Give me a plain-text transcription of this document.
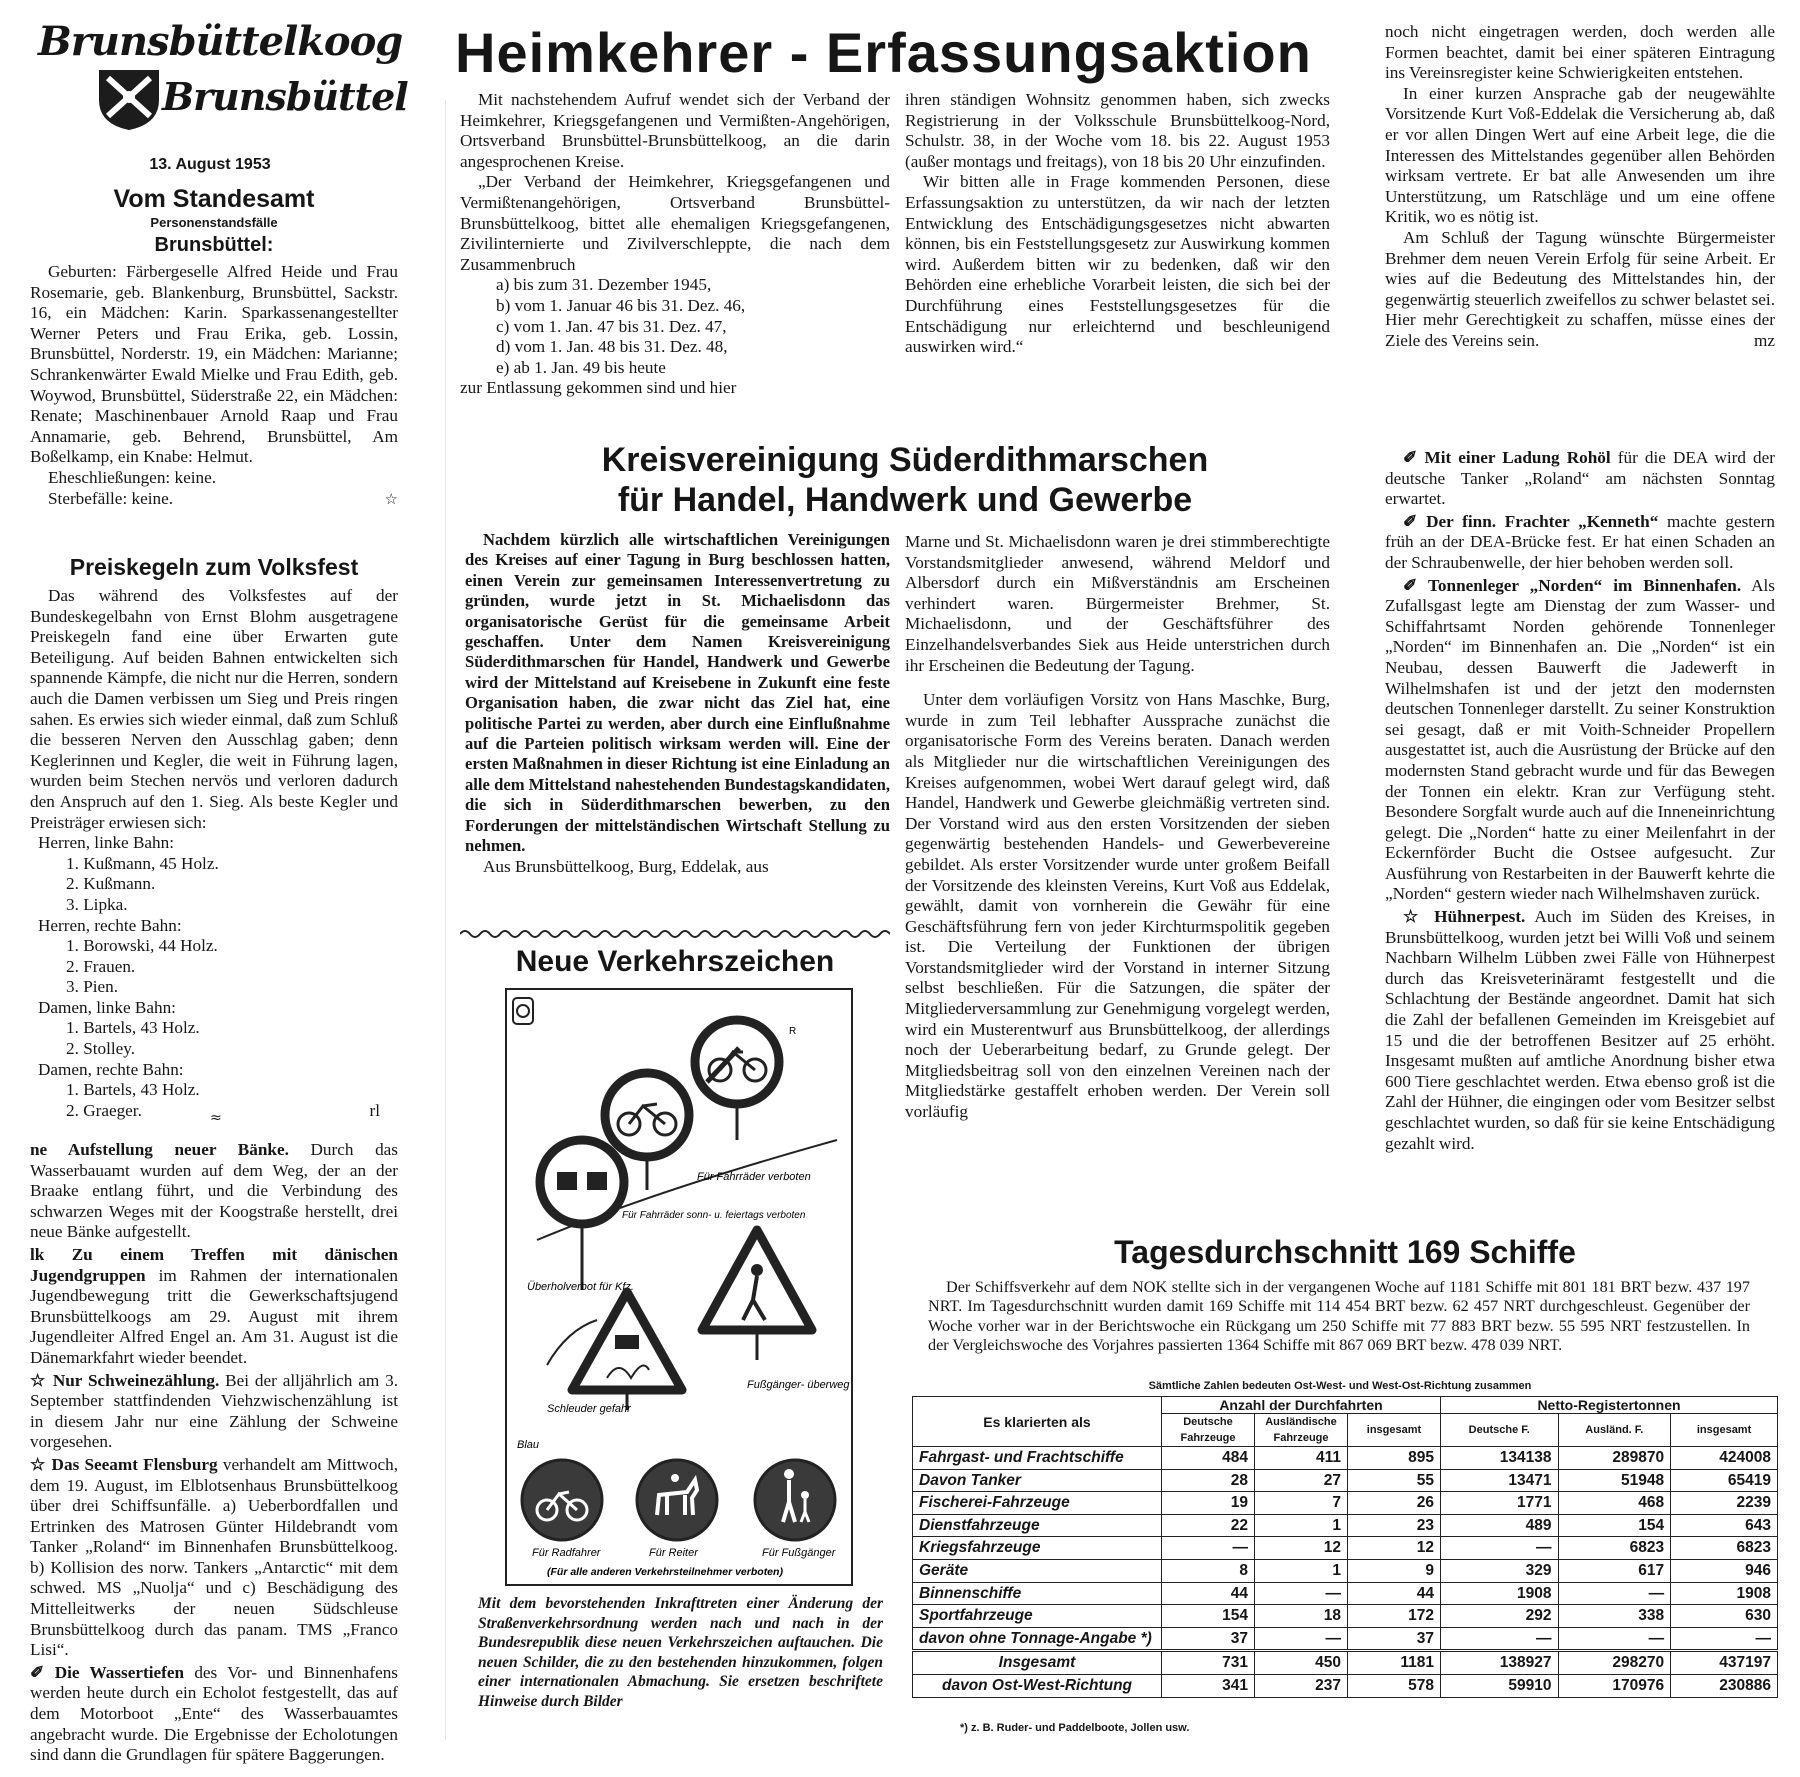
Brunsbüttelkoog
Brunsbüttel
13. August 1953
Vom Standesamt
Personenstandsfälle
Brunsbüttel:

Geburten: Färbergeselle Alfred Heide und Frau Rosemarie, geb. Blankenburg, Brunsbüttel, Sackstr. 16, ein Mädchen: Karin. Sparkassenangestellter Werner Peters und Frau Erika, geb. Lossin, Brunsbüttel, Norderstr. 19, ein Mädchen: Marianne; Schrankenwärter Ewald Mielke und Frau Edith, geb. Woywod, Brunsbüttel, Süderstraße 22, ein Mädchen: Renate; Maschinenbauer Arnold Raap und Frau Annamarie, geb. Behrend, Brunsbüttel, Am Boßelkamp, ein Knabe: Helmut.

Eheschließungen: keine.

Sterbefälle: keine.	☆

Preiskegeln zum Volksfest

Das während des Volksfestes auf der Bundeskegelbahn von Ernst Blohm ausgetragene Preiskegeln fand eine über Erwarten gute Beteiligung. Auf beiden Bahnen entwickelten sich spannende Kämpfe, die nicht nur die Herren, sondern auch die Damen verbissen um Sieg und Preis ringen sahen. Es erwies sich wieder einmal, daß zum Schluß die besseren Nerven den Ausschlag gaben; denn Keglerinnen und Kegler, die weit in Führung lagen, wurden beim Stechen nervös und verloren dadurch den Anspruch auf den 1. Sieg. Als beste Kegler und Preisträger erwiesen sich:

Herren, linke Bahn:
1. Kußmann, 45 Holz.
2. Kußmann.
3. Lipka.
Herren, rechte Bahn:
1. Borowski, 44 Holz.
2. Frauen.
3. Pien.
Damen, linke Bahn:
1. Bartels, 43 Holz.
2. Stolley.
Damen, rechte Bahn:
1. Bartels, 43 Holz.
2. Graeger.	rl
≈

ne Aufstellung neuer Bänke. Durch das Wasserbauamt wurden auf dem Weg, der an der Braake entlang führt, und die Verbindung des schwarzen Weges mit der Koogstraße herstellt, drei neue Bänke aufgestellt.

lk Zu einem Treffen mit dänischen Jugendgruppen im Rahmen der internationalen Jugendbewegung tritt die Gewerkschaftsjugend Brunsbüttelkoogs am 29. August mit ihrem Jugendleiter Alfred Engel an. Am 31. August ist die Dänemarkfahrt wieder beendet.

☆ Nur Schweinezählung. Bei der alljährlich am 3. September stattfindenden Viehzwischenzählung ist in diesem Jahr nur eine Zählung der Schweine vorgesehen.

☆ Das Seeamt Flensburg verhandelt am Mittwoch, dem 19. August, im Elblotsenhaus Brunsbüttelkoog über drei Schiffsunfälle. a) Ueberbordfallen und Ertrinken des Matrosen Günter Hildebrandt vom Tanker „Roland“ im Binnenhafen Brunsbüttelkoog. b) Kollision des norw. Tankers „Antarctic“ mit dem schwed. MS „Nuolja“ und c) Beschädigung des Mittelleitwerks der neuen Südschleuse Brunsbüttelkoog durch das panam. TMS „Franco Lisi“.

✐ Die Wassertiefen des Vor- und Binnenhafens werden heute durch ein Echolot festgestellt, das auf dem Motorboot „Ente“ des Wasserbauamtes angebracht wurde. Die Ergebnisse der Echolotungen sind dann die Grundlagen für spätere Baggerungen.

Heimkehrer - Erfassungsaktion

Mit nachstehendem Aufruf wendet sich der Verband der Heimkehrer, Kriegsgefangenen und Vermißten-Angehörigen, Ortsverband Brunsbüttel-Brunsbüttelkoog, an die darin angesprochenen Kreise.

„Der Verband der Heimkehrer, Kriegsgefangenen und Vermißtenangehörigen, Ortsverband Brunsbüttel-Brunsbüttelkoog, bittet alle ehemaligen Kriegsgefangenen, Zivilinternierte und Zivilverschleppte, die nach dem Zusammenbruch

a) bis zum 31. Dezember 1945,
b) vom 1. Januar 46 bis 31. Dez. 46,
c) vom 1. Jan. 47 bis 31. Dez. 47,
d) vom 1. Jan. 48 bis 31. Dez. 48,
e) ab 1. Jan. 49 bis heute

zur Entlassung gekommen sind und hier

ihren ständigen Wohnsitz genommen haben, sich zwecks Registrierung in der Volksschule Brunsbüttelkoog-Nord, Schulstr. 38, in der Woche vom 18. bis 22. August 1953 (außer montags und freitags), von 18 bis 20 Uhr einzufinden.

Wir bitten alle in Frage kommenden Personen, diese Erfassungsaktion zu unterstützen, da wir nach der letzten Entwicklung des Entschädigungsgesetzes nicht abwarten können, bis ein Feststellungsgesetz zur Auswirkung kommen wird. Außerdem bitten wir zu bedenken, daß wir den Behörden eine erhebliche Vorarbeit leisten, die sich bei der Durchführung eines Feststellungsgesetzes für die Entschädigung nur erleichternd und beschleunigend auswirken wird.“

noch nicht eingetragen werden, doch werden alle Formen beachtet, damit bei einer späteren Eintragung ins Vereinsregister keine Schwierigkeiten entstehen.

In einer kurzen Ansprache gab der neugewählte Vorsitzende Kurt Voß-Eddelak die Versicherung ab, daß er vor allen Dingen Wert auf eine Arbeit lege, die die Interessen des Mittelstandes gegenüber allen Behörden wirksam vertrete. Er bat alle Anwesenden um ihre Unterstützung, um Ratschläge und um eine offene Kritik, wo es nötig ist.

Am Schluß der Tagung wünschte Bürgermeister Brehmer dem neuen Verein Erfolg für seine Arbeit. Er wies auf die Bedeutung des Mittelstandes hin, der gegenwärtig steuerlich zweifellos zu schwer belastet sei. Hier mehr Gerechtigkeit zu schaffen, müsse eines der Ziele des Vereins sein.	mz

Kreisvereinigung Süderdithmarschen
für Handel, Handwerk und Gewerbe

Nachdem kürzlich alle wirtschaftlichen Vereinigungen des Kreises auf einer Tagung in Burg beschlossen hatten, einen Verein zur gemeinsamen Interessenvertretung zu gründen, wurde jetzt in St. Michaelisdonn das organisatorische Gerüst für die gemeinsame Arbeit geschaffen. Unter dem Namen Kreisvereinigung Süderdithmarschen für Handel, Handwerk und Gewerbe wird der Mittelstand auf Kreisebene in Zukunft eine feste Organisation haben, die zwar nicht das Ziel hat, eine politische Partei zu werden, aber durch eine Einflußnahme auf die Parteien politisch wirksam werden will. Eine der ersten Maßnahmen in dieser Richtung ist eine Einladung an alle dem Mittelstand nahestehenden Bundestagskandidaten, die sich in Süderdithmarschen bewerben, zu den Forderungen der mittelständischen Wirtschaft Stellung zu nehmen.

Aus Brunsbüttelkoog, Burg, Eddelak, aus

Marne und St. Michaelisdonn waren je drei stimmberechtigte Vorstandsmitglieder anwesend, während Meldorf und Albersdorf durch ein Mißverständnis am Erscheinen verhindert waren. Bürgermeister Brehmer, St. Michaelisdonn, und der Geschäftsführer des Einzelhandelsverbandes Siek aus Heide unterstrichen durch ihr Erscheinen die Bedeutung der Tagung.

Unter dem vorläufigen Vorsitz von Hans Maschke, Burg, wurde in zum Teil lebhafter Aussprache zunächst die organisatorische Form des Vereins beraten. Danach werden als Mitglieder nur die wirtschaftlichen Vereinigungen des Kreises aufgenommen, wobei Wert darauf gelegt wird, daß Handel, Handwerk und Gewerbe gleichmäßig vertreten sind. Der Vorstand wird aus den ersten Vorsitzenden der sieben gegenwärtig bestehenden Handels- und Gewerbevereine gebildet. Als erster Vorsitzender wurde unter großem Beifall der Vorsitzende des kleinsten Vereins, Kurt Voß aus Eddelak, gewählt, damit von vornherein die Gewähr für eine Geschäftsführung fern von jeder Kirchturmspolitik gegeben ist. Die Verteilung der Funktionen der übrigen Vorstandsmitglieder wird der Vorstand in interner Sitzung selbst beschließen. Für die Satzungen, die später der Mitgliederversammlung zur Genehmigung vorgelegt werden, wird ein Musterentwurf aus Brunsbüttelkoog, der allerdings noch der Ueberarbeitung bedarf, zu Grunde gelegt. Der Mitgliedsbeitrag soll von den einzelnen Vereinen nach der Mitgliedstärke gestaffelt erhoben werden. Der Verein soll vorläufig

✐ Mit einer Ladung Rohöl für die DEA wird der deutsche Tanker „Roland“ am nächsten Sonntag erwartet.

✐ Der finn. Frachter „Kenneth“ machte gestern früh an der DEA-Brücke fest. Er hat einen Schaden an der Schraubenwelle, der hier behoben werden soll.

✐ Tonnenleger „Norden“ im Binnenhafen. Als Zufallsgast legte am Dienstag der zum Wasser- und Schiffahrtsamt Norden gehörende Tonnenleger „Norden“ im Binnenhafen an. Die „Norden“ ist ein Neubau, dessen Bauwerft die Jadewerft in Wilhelmshafen ist und der jetzt den modernsten deutschen Tonnenleger darstellt. Zu seiner Konstruktion sei gesagt, daß er mit Voith-Schneider Propellern ausgestattet ist, auch die Ausrüstung der Brücke auf den modernsten Stand gebracht wurde und für das Bewegen der Tonnen ein elektr. Kran zur Verfügung steht. Besondere Sorgfalt wurde auch auf die Inneneinrichtung gelegt. Die „Norden“ hatte zu einer Meilenfahrt in der Eckernförder Bucht die Ostsee aufgesucht. Zur Ausführung von Restarbeiten in der Bauwerft kehrte die „Norden“ gestern wieder nach Wilhelmshaven zurück.

☆ Hühnerpest. Auch im Süden des Kreises, in Brunsbüttelkoog, wurden jetzt bei Willi Voß und seinem Nachbarn Wilhelm Lübben zwei Fälle von Hühnerpest durch das Kreisveterinäramt festgestellt und die Schlachtung der Bestände angeordnet. Damit hat sich die Zahl der befallenen Gemeinden im Kreisgebiet auf 15 und die der betroffenen Besitzer auf 25 erhöht. Insgesamt mußten auf amtliche Anordnung bisher etwa 600 Tiere geschlachtet werden. Etwa ebenso groß ist die Zahl der Hühner, die eingingen oder vom Besitzer selbst geschlachtet wurden, so daß für sie keine Entschädigung gezahlt wird.

Neue Verkehrszeichen
R
Für Fahrräder verboten
Für Fahrräder sonn- u. feiertags verboten
Überholverbot für Kfz.
Schleuder gefahr
Fußgänger- überweg
Blau
Für Radfahrer	Für Reiter	Für Fußgänger
(Für alle anderen Verkehrsteilnehmer verboten)
Mit dem bevorstehenden Inkrafttreten einer Änderung der Straßenverkehrsordnung werden nach und nach in der Bundesrepublik diese neuen Verkehrszeichen auftauchen. Die neuen Schilder, die zu den bestehenden hinzukommen, folgen einer internationalen Abmachung. Sie ersetzen beschriftete Hinweise durch Bilder
Tagesdurchschnitt 169 Schiffe

Der Schiffsverkehr auf dem NOK stellte sich in der vergangenen Woche auf 1181 Schiffe mit 801 181 BRT bezw. 437 197 NRT. Im Tagesdurchschnitt wurden damit 169 Schiffe mit 114 454 BRT bezw. 62 457 NRT durchgeschleust. Gegenüber der Woche vorher war in der Berichtswoche ein Rückgang um 250 Schiffe mit 77 883 BRT bezw. 55 595 NRT festzustellen. In der Vergleichswoche des Vorjahres passierten 1364 Schiffe mit 867 069 BRT bezw. 478 039 NRT.

Sämtliche Zahlen bedeuten Ost-West- und West-Ost-Richtung zusammen
Es klarierten als	Anzahl der Durchfahrten			Netto-Registertonnen		
	Deutsche Fahrzeuge	Ausländische Fahrzeuge	insgesamt	Deutsche F.	Ausländ. F.	insgesamt
Fahrgast- und Frachtschiffe	484	411	895	134138	289870	424008
Davon Tanker	28	27	55	13471	51948	65419
Fischerei-Fahrzeuge	19	7	26	1771	468	2239
Dienstfahrzeuge	22	1	23	489	154	643
Kriegsfahrzeuge	—	12	12	—	6823	6823
Geräte	8	1	9	329	617	946
Binnenschiffe	44	—	44	1908	—	1908
Sportfahrzeuge	154	18	172	292	338	630
davon ohne Tonnage-Angabe *)	37	—	37	—	—	—
Insgesamt	731	450	1181	138927	298270	437197
davon Ost-West-Richtung	341	237	578	59910	170976	230886
*) z. B. Ruder- und Paddelboote, Jollen usw.
